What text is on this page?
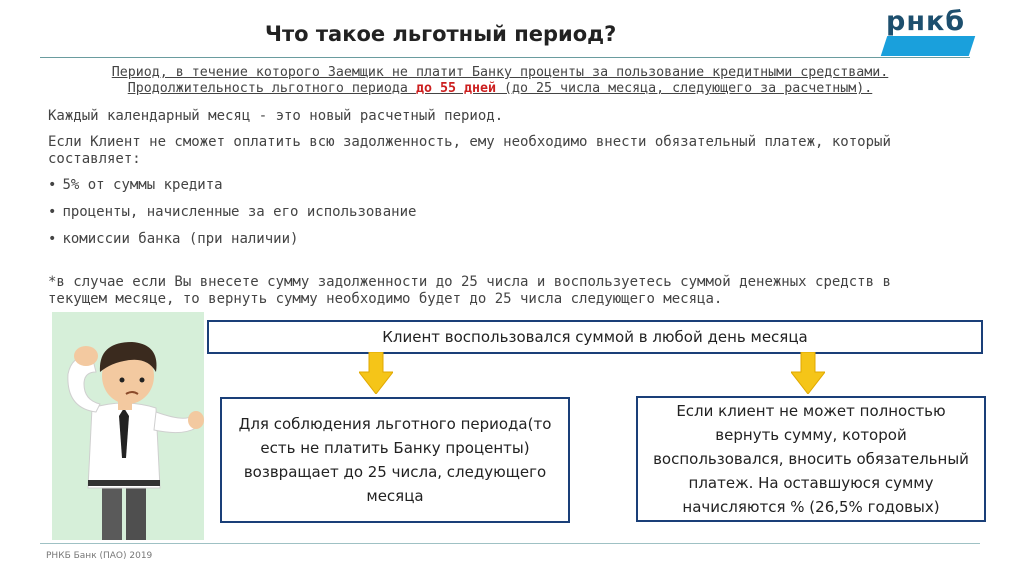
Что такое льготный период?	рнкб
Период, в течение которого Заемщик не платит Банку проценты за пользование кредитными средствами.
Продолжительность льготного периода до 55 дней (до 25 числа месяца, следующего за расчетным).
Каждый календарный месяц - это новый расчетный период.
Если Клиент не сможет оплатить всю задолженность, ему необходимо внести обязательный платеж, который
составляет:
• 5% от суммы кредита
• проценты, начисленные за его использование
• комиссии банка (при наличии)
*в случае если Вы внесете сумму задолженности до 25 числа и воспользуетесь суммой денежных средств в
текущем месяце, то вернуть сумму необходимо будет до 25 числа следующего месяца.
Клиент воспользовался суммой в любой день месяца
Для соблюдения льготного периода(то есть не платить Банку проценты) возвращает до 25 числа, следующего месяца
Если клиент не может полностью вернуть сумму, которой воспользовался, вносить обязательный платеж. На оставшуюся сумму начисляются % (26,5% годовых)
РНКБ Банк (ПАО) 2019
